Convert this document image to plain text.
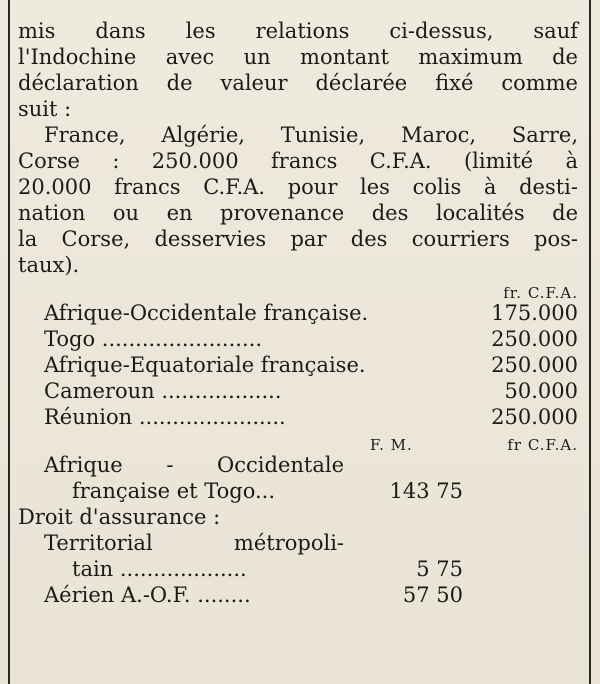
mis dans les relations ci-dessus, sauf
l'Indochine avec un montant maximum de
déclaration de valeur déclarée fixé comme
suit :
France, Algérie, Tunisie, Maroc, Sarre,
Corse : 250.000 francs C.F.A. (limité à
20.000 francs C.F.A. pour les colis à desti-
nation ou en provenance des localités de
la Corse, desservies par des courriers pos-
taux).
fr. C.F.A.
Afrique-Occidentale française.	175.000
Togo ........................	250.000
Afrique-Equatoriale française.	250.000
Cameroun ..................	50.000
Réunion ......................	250.000
F. M.	fr C.F.A.
Afrique - Occidentale
française et Togo...	143 75
Droit d'assurance :
Territorial métropoli-
tain ...................	5 75
Aérien A.-O.F. ........	57 50
